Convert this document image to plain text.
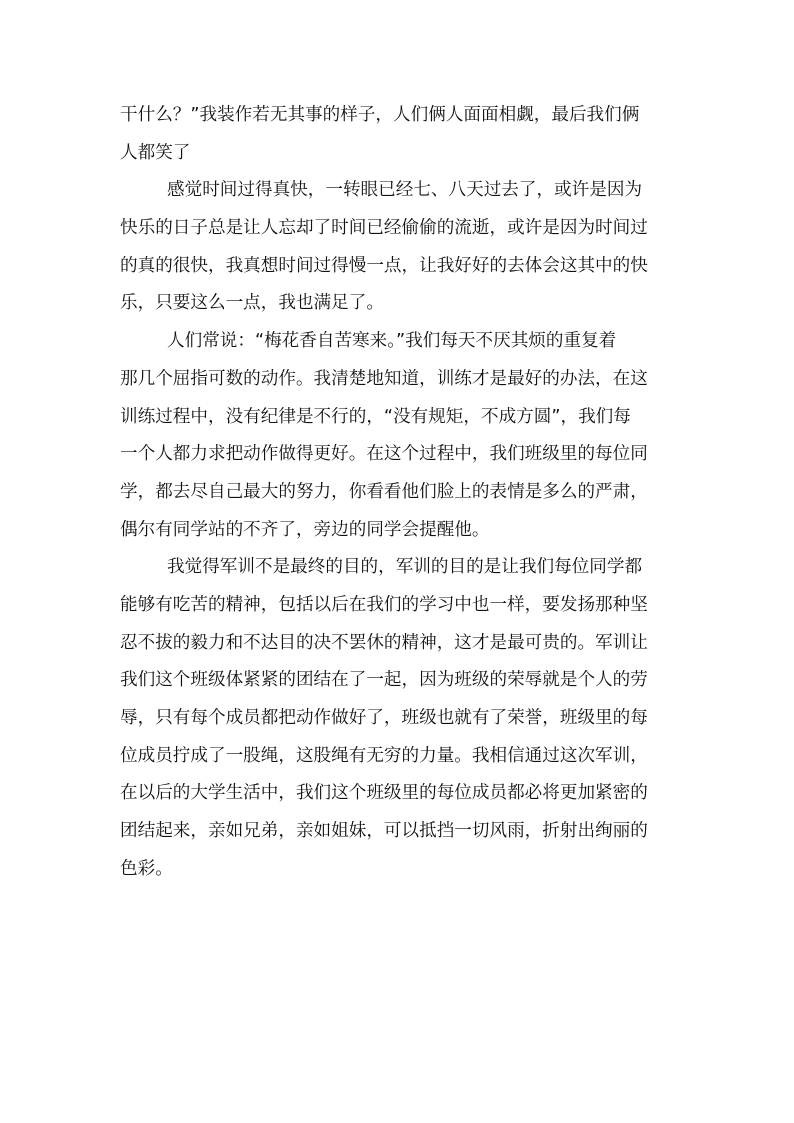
干什么？”我装作若无其事的样子，人们俩人面面相觑，最后我们俩
人都笑了
感觉时间过得真快，一转眼已经七、八天过去了，或许是因为
快乐的日子总是让人忘却了时间已经偷偷的流逝，或许是因为时间过
的真的很快，我真想时间过得慢一点，让我好好的去体会这其中的快
乐，只要这么一点，我也满足了。
人们常说：“梅花香自苦寒来。”我们每天不厌其烦的重复着
那几个屈指可数的动作。我清楚地知道，训练才是最好的办法，在这
训练过程中，没有纪律是不行的，“没有规矩，不成方圆”，我们每
一个人都力求把动作做得更好。在这个过程中，我们班级里的每位同
学，都去尽自己最大的努力，你看看他们脸上的表情是多么的严肃，
偶尔有同学站的不齐了，旁边的同学会提醒他。
我觉得军训不是最终的目的，军训的目的是让我们每位同学都
能够有吃苦的精神，包括以后在我们的学习中也一样，要发扬那种坚
忍不拔的毅力和不达目的决不罢休的精神，这才是最可贵的。军训让
我们这个班级体紧紧的团结在了一起，因为班级的荣辱就是个人的劳
辱，只有每个成员都把动作做好了，班级也就有了荣誉，班级里的每
位成员拧成了一股绳，这股绳有无穷的力量。我相信通过这次军训，
在以后的大学生活中，我们这个班级里的每位成员都必将更加紧密的
团结起来，亲如兄弟，亲如姐妹，可以抵挡一切风雨，折射出绚丽的
色彩。
